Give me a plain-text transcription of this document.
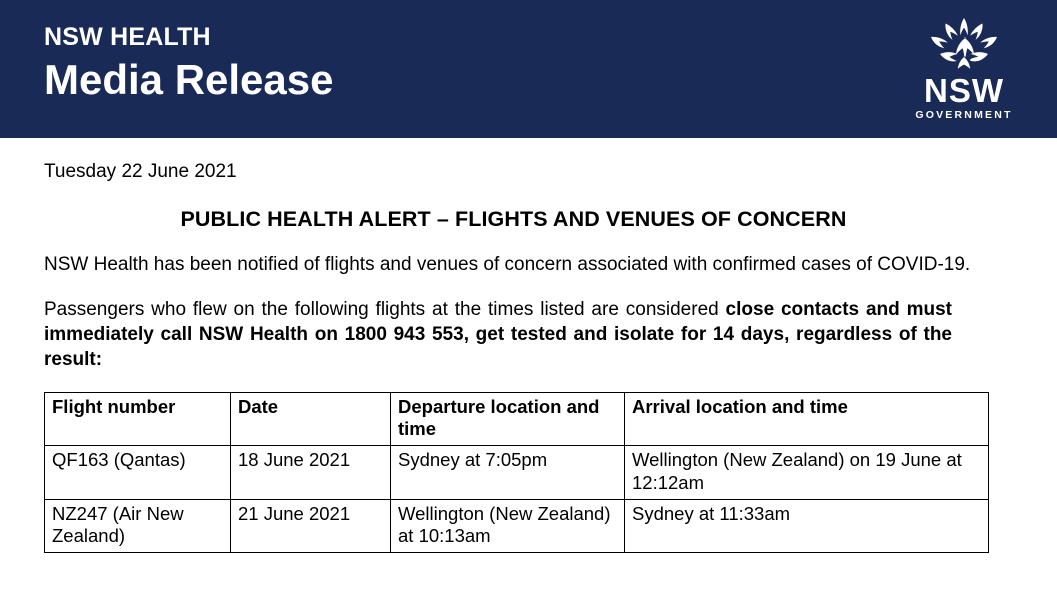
NSW HEALTH
Media Release	NSW
GOVERNMENT
Tuesday 22 June 2021
PUBLIC HEALTH ALERT – FLIGHTS AND VENUES OF CONCERN

NSW Health has been notified of flights and venues of concern associated with confirmed cases of COVID-19.

Passengers who flew on the following flights at the times listed are considered close contacts and must immediately call NSW Health on 1800 943 553, get tested and isolate for 14 days, regardless of the result:

Flight number	Date	Departure location and time	Arrival location and time
QF163 (Qantas)	18 June 2021	Sydney at 7:05pm	Wellington (New Zealand) on 19 June at 12:12am
NZ247 (Air New Zealand)	21 June 2021	Wellington (New Zealand) at 10:13am	Sydney at 11:33am
